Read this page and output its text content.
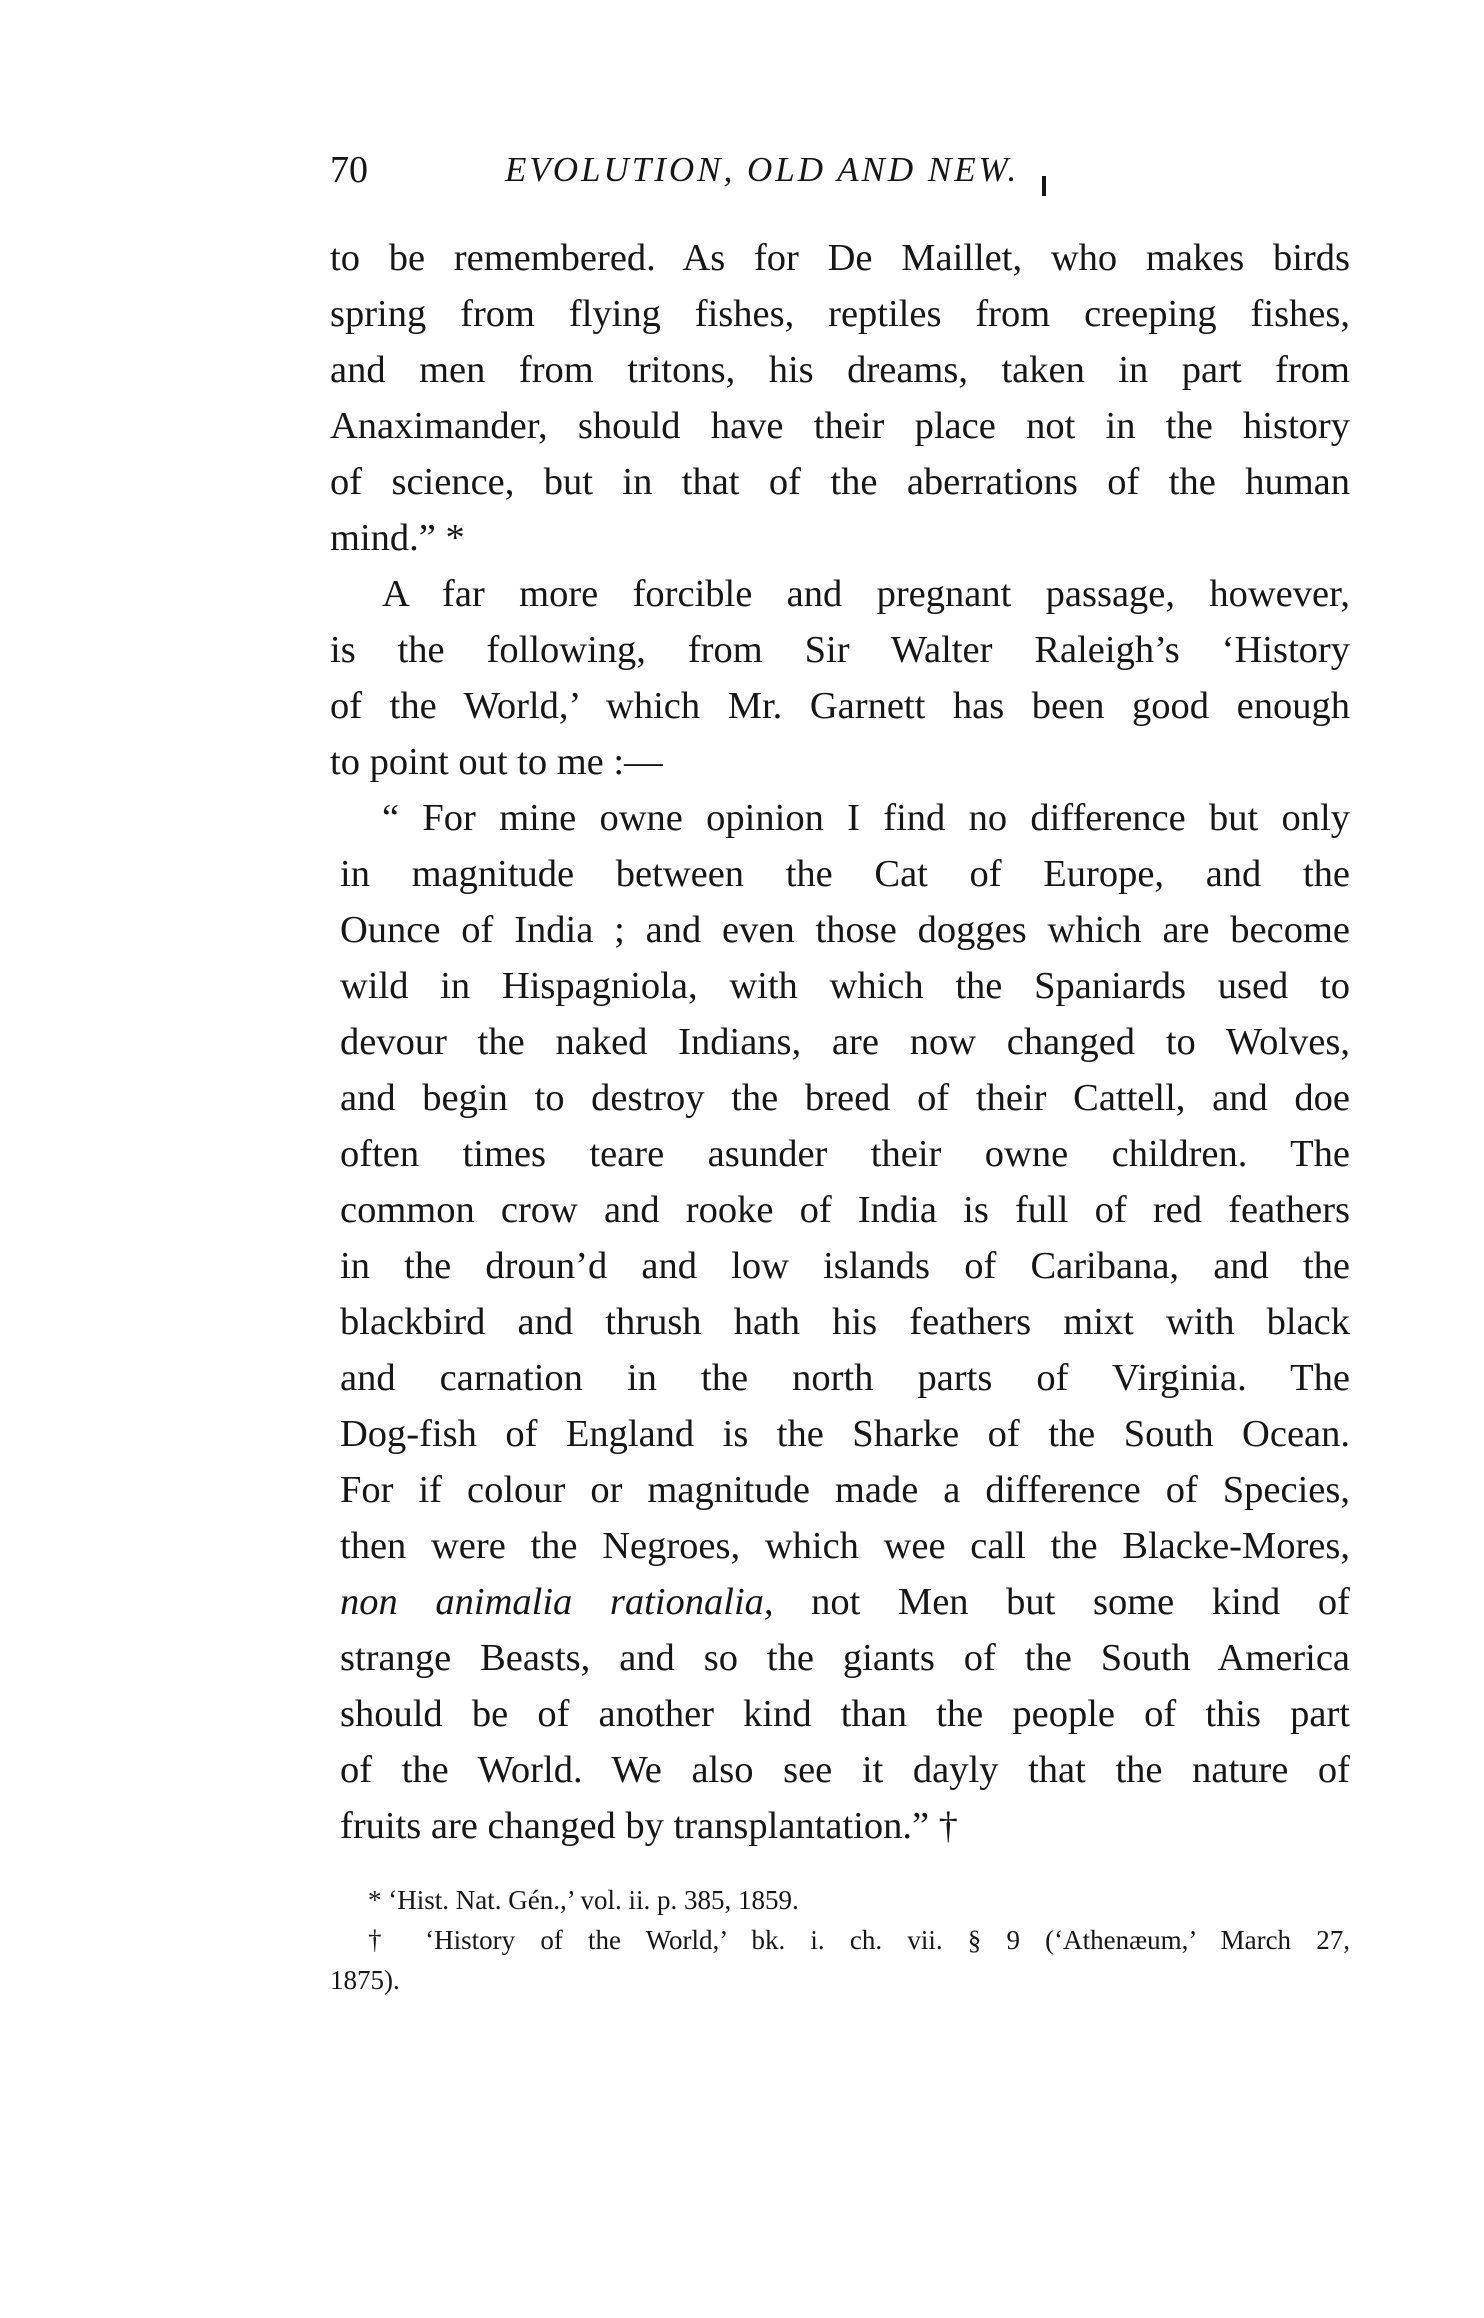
70	EVOLUTION, OLD AND NEW.
to be remembered. As for De Maillet, who makes birds
spring from flying fishes, reptiles from creeping fishes,
and men from tritons, his dreams, taken in part from
Anaximander, should have their place not in the history
of science, but in that of the aberrations of the human
mind.” *
A far more forcible and pregnant passage, however,
is the following, from Sir Walter Raleigh’s ‘History
of the World,’ which Mr. Garnett has been good enough
to point out to me :—
“ For mine owne opinion I find no difference but only
in magnitude between the Cat of Europe, and the
Ounce of India ; and even those dogges which are become
wild in Hispagniola, with which the Spaniards used to
devour the naked Indians, are now changed to Wolves,
and begin to destroy the breed of their Cattell, and doe
often times teare asunder their owne children. The
common crow and rooke of India is full of red feathers
in the droun’d and low islands of Caribana, and the
blackbird and thrush hath his feathers mixt with black
and carnation in the north parts of Virginia. The
Dog-fish of England is the Sharke of the South Ocean.
For if colour or magnitude made a difference of Species,
then were the Negroes, which wee call the Blacke-Mores,
non animalia rationalia, not Men but some kind of
strange Beasts, and so the giants of the South America
should be of another kind than the people of this part
of the World. We also see it dayly that the nature of
fruits are changed by transplantation.” †
* ‘Hist. Nat. Gén.,’ vol. ii. p. 385, 1859.
† ‘History of the World,’ bk. i. ch. vii. § 9 (‘Athenæum,’ March 27,
1875).
